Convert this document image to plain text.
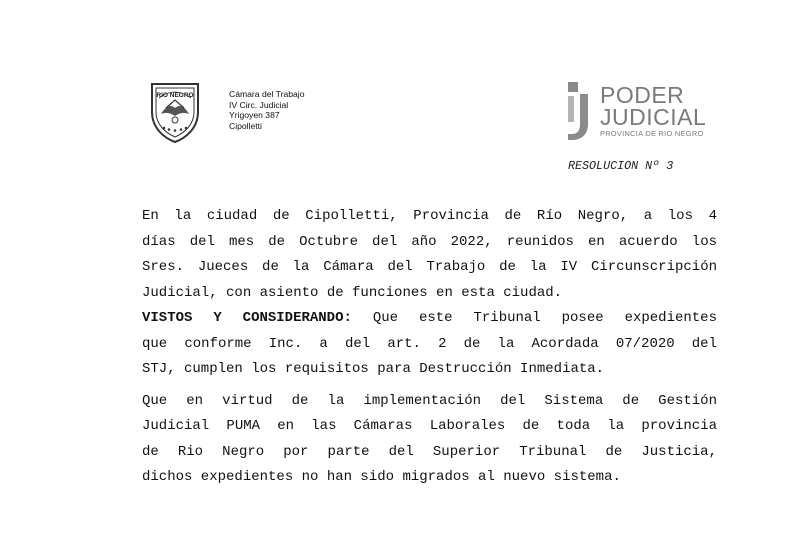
RIO NEGRO	Cámara del Trabajo
IV Circ. Judicial
Yrigoyen 387
Cipolletti
PODER
JUDICIAL
PROVINCIA DE RIO NEGRO
RESOLUCION Nº 3

En la ciudad de Cipolletti, Provincia de Río Negro, a los 4

días del mes de Octubre del año 2022, reunidos en acuerdo los

Sres. Jueces de la Cámara del Trabajo de la IV Circunscripción

Judicial, con asiento de funciones en esta ciudad.

VISTOS Y CONSIDERANDO: Que este Tribunal posee expedientes

que conforme Inc. a del art. 2 de la Acordada 07/2020 del

STJ, cumplen los requisitos para Destrucción Inmediata.

Que en virtud de la implementación del Sistema de Gestión

Judicial PUMA en las Cámaras Laborales de toda la provincia

de Rio Negro por parte del Superior Tribunal de Justicia,

dichos expedientes no han sido migrados al nuevo sistema.
